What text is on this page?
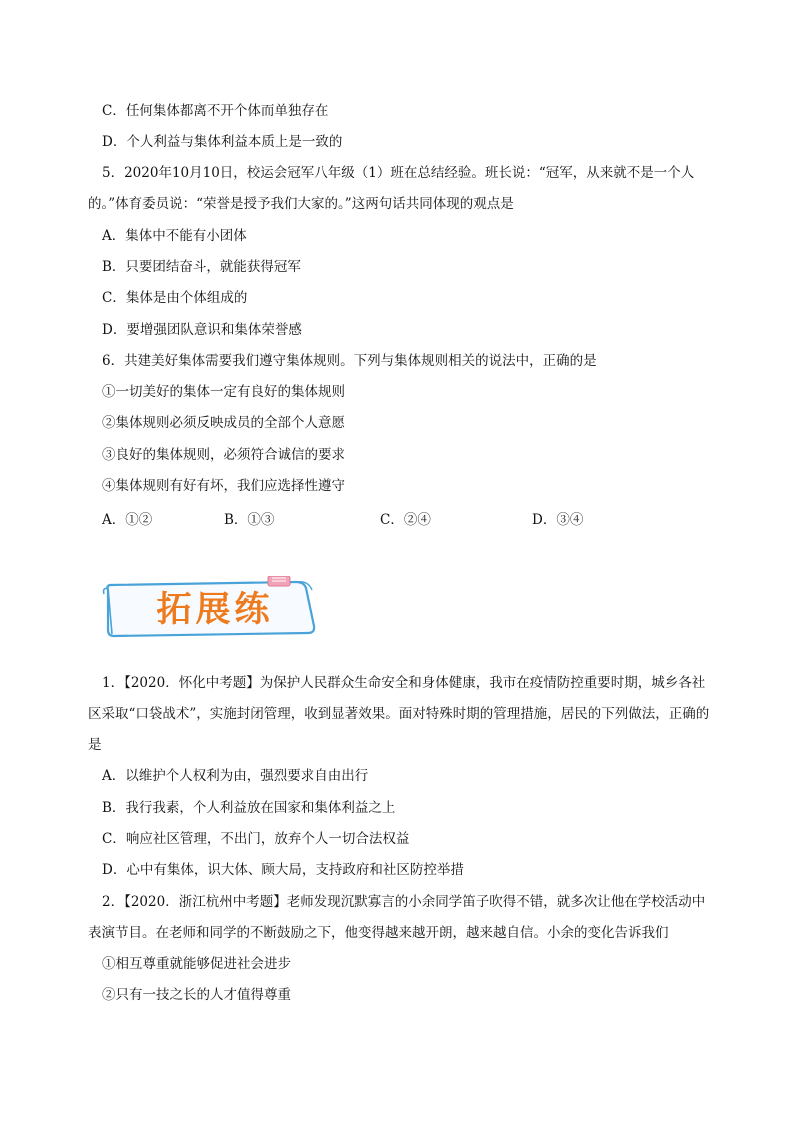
C．任何集体都离不开个体而单独存在
D．个人利益与集体利益本质上是一致的
5．2020年10月10日，校运会冠军八年级（1）班在总结经验。班长说：“冠军，从来就不是一个人
的。”体育委员说：“荣誉是授予我们大家的。”这两句话共同体现的观点是
A．集体中不能有小团体
B．只要团结奋斗，就能获得冠军
C．集体是由个体组成的
D．要增强团队意识和集体荣誉感
6．共建美好集体需要我们遵守集体规则。下列与集体规则相关的说法中，正确的是
①一切美好的集体一定有良好的集体规则
②集体规则必须反映成员的全部个人意愿
③良好的集体规则，必须符合诚信的要求
④集体规则有好有坏，我们应选择性遵守
A．①②	B．①③	C．②④	D．③④
拓展练
1．【2020．怀化中考题】为保护人民群众生命安全和身体健康，我市在疫情防控重要时期，城乡各社
区采取“口袋战术”，实施封闭管理，收到显著效果。面对特殊时期的管理措施，居民的下列做法，正确的
是
A．以维护个人权利为由，强烈要求自由出行
B．我行我素，个人利益放在国家和集体利益之上
C．响应社区管理，不出门，放弃个人一切合法权益
D．心中有集体，识大体、顾大局，支持政府和社区防控举措
2．【2020．浙江杭州中考题】老师发现沉默寡言的小余同学笛子吹得不错，就多次让他在学校活动中
表演节目。在老师和同学的不断鼓励之下，他变得越来越开朗，越来越自信。小余的变化告诉我们
①相互尊重就能够促进社会进步
②只有一技之长的人才值得尊重
